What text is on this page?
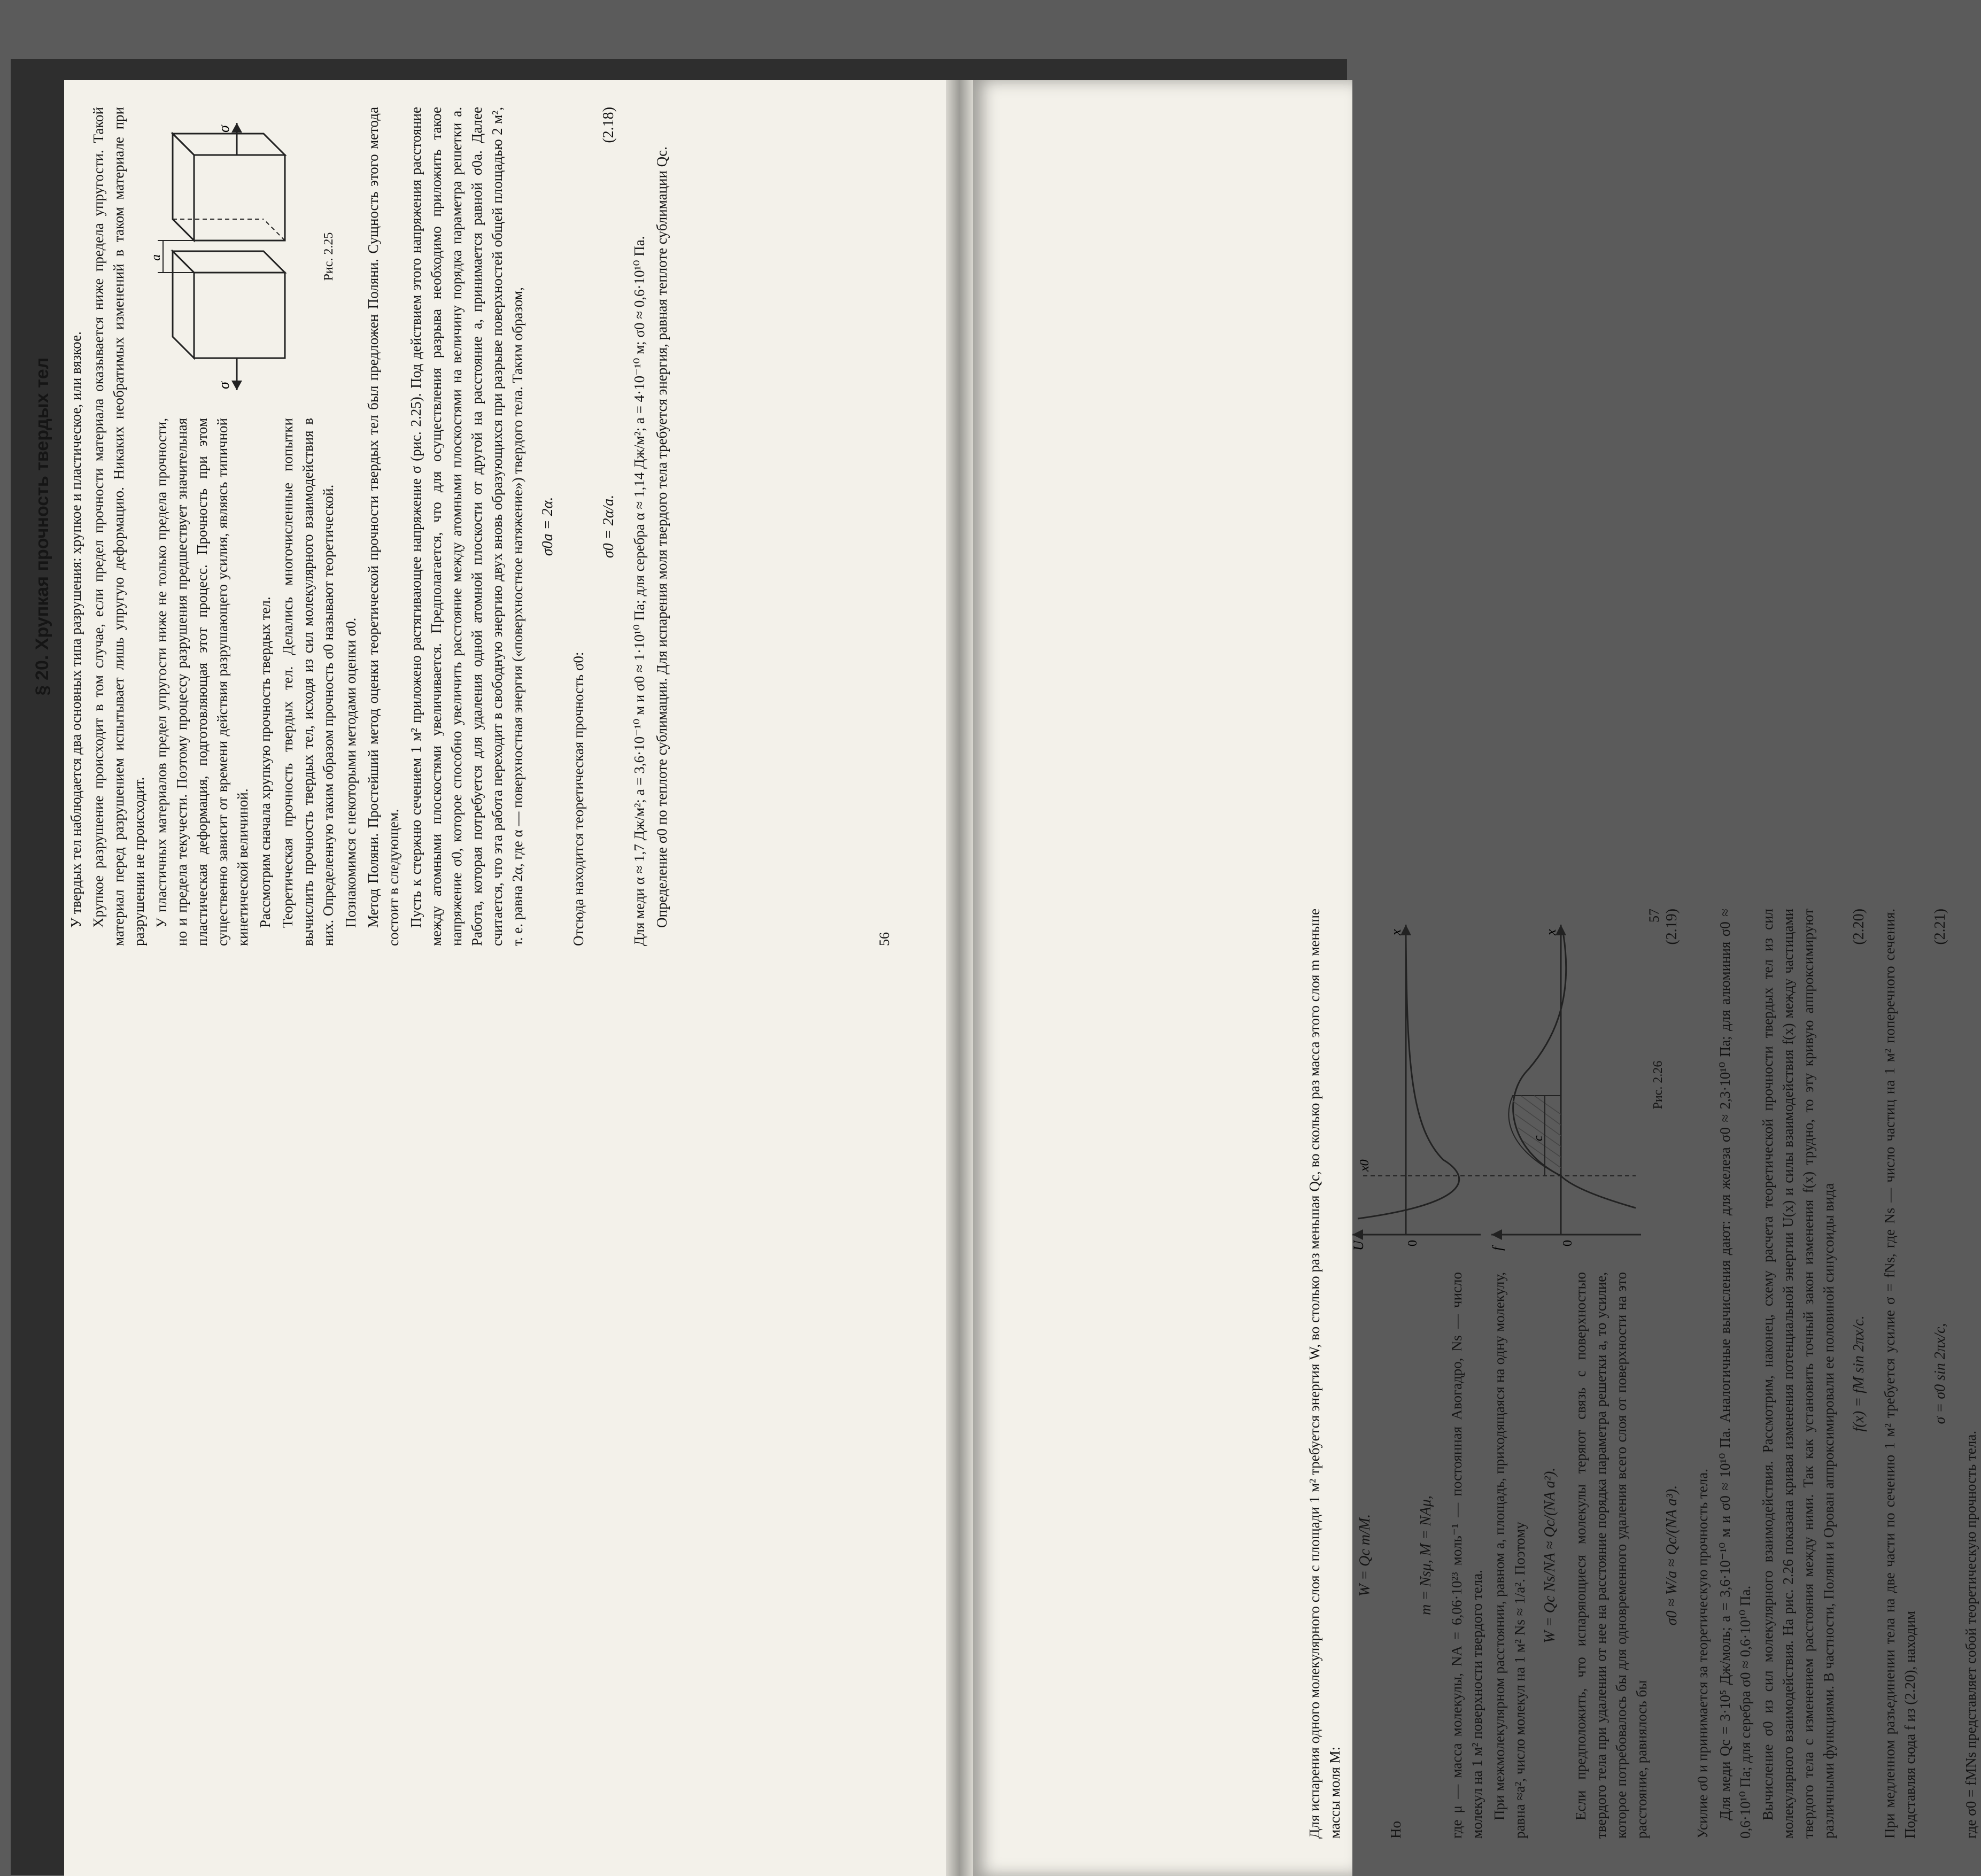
§ 20. Хрупкая прочность твердых тел У твердых тел наблюдается два основных типа разрушения: хрупкое и пластическое, или вязкое. Хрупкое разрушение происходит в том случае, если предел прочности материала оказывается ниже предела упругости. Такой материал перед разрушением испытывает лишь упругую деформацию. Никаких необратимых изменений в таком материале при разрушении не происходит.

a
σ
σ
Рис. 2.25

У пластичных материалов предел упругости ниже не только предела прочности, но и предела текучести. Поэтому процессу разрушения предшествует значительная пластическая деформация, подготовляющая этот процесс. Прочность при этом существенно зависит от времени действия разрушающего усилия, являясь типичной кинетической величиной. Рассмотрим сначала хрупкую прочность твердых тел. Теоретическая прочность твердых тел. Делались многочисленные попытки вычислить прочность твердых тел, исходя из сил молекулярного взаимодействия в них. Определенную таким образом прочность σ0 называют теоретической. Познакомимся с некоторыми методами оценки σ0. Метод Поляни. Простейший метод оценки теоретической прочности твердых тел был предложен Поляни. Сущность этого метода состоит в следующем. Пусть к стержню сечением 1 м² приложено растягивающее напряжение σ (рис. 2.25). Под действием этого напряжения расстояние между атомными плоскостями увеличивается. Предполагается, что для осуществления разрыва необходимо приложить такое напряжение σ0, которое способно увеличить расстояние между атомными плоскостями на величину порядка параметра решетки a. Работа, которая потребуется для удаления одной атомной плоскости от другой на расстояние a, принимается равной σ0a. Далее считается, что эта работа переходит в свободную энергию двух вновь образующихся при разрыве поверхностей общей площадью 2 м², т. е. равна 2α, где α — поверхностная энергия («поверхностное натяжение») твердого тела. Таким образом, σ0a = 2α.

Отсюда находится теоретическая прочность σ0:

σ0 = 2α/a.
(2.18)

Для меди α ≈ 1,7 Дж/м²; a = 3,6·10⁻¹⁰ м и σ0 ≈ 1·10¹⁰ Па; для серебра α ≈ 1,14 Дж/м²; a = 4·10⁻¹⁰ м; σ0 ≈ 0,6·10¹⁰ Па. Определение σ0 по теплоте сублимации. Для испарения моля твердого тела требуется энергия, равная теплоте сублимации Qс.

56	Для испарения одного молекулярного слоя с площади 1 м² требуется энергия W, во столько раз меньшая Qс, во сколько раз масса этого слоя m меньше массы моля M:

U
x
x0
0
c
f
x
0
Рис. 2.26
W = Qс m/M.

Но

m = Nsμ, M = NAμ, где μ — масса молекулы, NA = 6,06·10²³ моль⁻¹ — постоянная Авогадро, Ns — число молекул на 1 м² поверхности твердого тела. При межмолекулярном расстоянии, равном a, площадь, приходящаяся на одну молекулу, равна ≈a², число молекул на 1 м² Ns ≈ 1/a². Поэтому W = Qс Ns/NA ≈ Qс/(NA a²). Если предположить, что испаряющиеся молекулы теряют связь с поверхностью твердого тела при удалении от нее на расстояние порядка параметра решетки a, то усилие, которое потребовалось бы для одновременного удаления всего слоя от поверхности на это расстояние, равнялось бы

σ0 ≈ W/a ≈ Qс/(NA a³).
(2.19)

Усилие σ0 и принимается за теоретическую прочность тела. Для меди Qс = 3·10⁵ Дж/моль; a = 3,6·10⁻¹⁰ м и σ0 ≈ 10¹⁰ Па. Аналогичные вычисления дают: для железа σ0 ≈ 2,3·10¹⁰ Па; для алюминия σ0 ≈ 0,6·10¹⁰ Па; для серебра σ0 ≈ 0,6·10¹⁰ Па. Вычисление σ0 из сил молекулярного взаимодействия. Рассмотрим, наконец, схему расчета теоретической прочности твердых тел из сил молекулярного взаимодействия. На рис. 2.26 показана кривая изменения потенциальной энергии U(x) и силы взаимодействия f(x) между частицами твердого тела с изменением расстояния между ними. Так как установить точный закон изменения f(x) трудно, то эту кривую аппроксимируют различными функциями. В частности, Поляни и Орован аппроксимировали ее половиной синусоиды вида f(x) = fM sin 2πx/c.
(2.20) При медленном разъединении тела на две части по сечению 1 м² требуется усилие σ = fNs, где Ns — число частиц на 1 м² поперечного сечения. Подставляя сюда f из (2.20), находим

σ = σ0 sin 2πx/c,
(2.21)

где σ0 = fMNs представляет собой теоретическую прочность тела.

57
